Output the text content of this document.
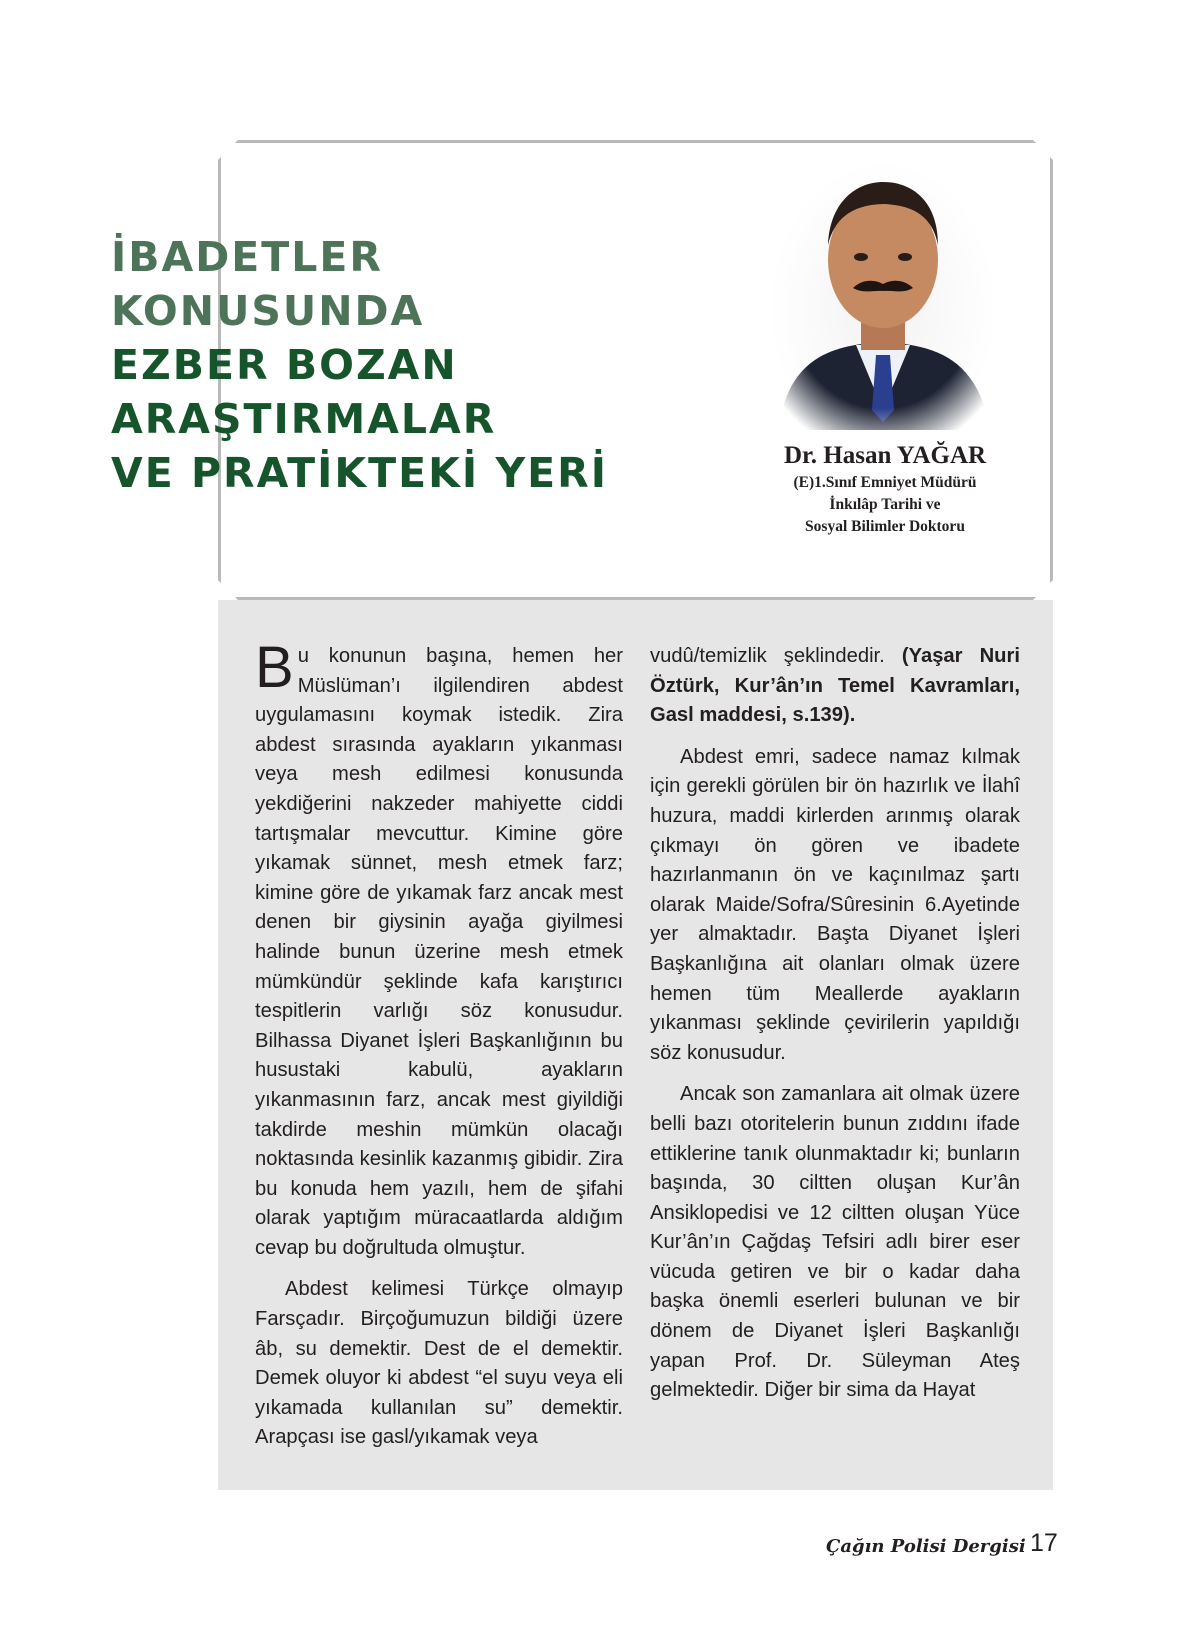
İBADETLER
KONUSUNDA
EZBER BOZAN
ARAŞTIRMALAR
VE PRATİKTEKİ YERİ	Dr. Hasan YAĞAR
(E)1.Sınıf Emniyet Müdürü
İnkılâp Tarihi ve
Sosyal Bilimler Doktoru

Bu konunun başına, hemen her Müslüman’ı ilgilendiren abdest uygulamasını koymak istedik. Zira abdest sırasında ayakların yıkanması veya mesh edilmesi konusunda yekdiğerini nakzeder mahiyette ciddi tartışmalar mevcuttur. Kimine göre yıkamak sünnet, mesh etmek farz; kimine göre de yıkamak farz ancak mest denen bir giysinin ayağa giyilmesi halinde bunun üzerine mesh etmek mümkündür şeklinde kafa karıştırıcı tespitlerin varlığı söz konusudur. Bilhassa Diyanet İşleri Başkanlığının bu husustaki kabulü, ayakların yıkanmasının farz, ancak mest giyildiği takdirde meshin mümkün olacağı noktasında kesinlik kazanmış gibidir. Zira bu konuda hem yazılı, hem de şifahi olarak yaptığım müracaatlarda aldığım cevap bu doğrultuda olmuştur.

Abdest kelimesi Türkçe olmayıp Farsçadır. Birçoğumuzun bildiği üzere âb, su demektir. Dest de el demektir. Demek oluyor ki abdest “el suyu veya eli yıkamada kullanılan su” demektir. Arapçası ise gasl/yıkamak veya

vudû/temizlik şeklindedir. (Yaşar Nuri Öztürk, Kur’ân’ın Temel Kavramları, Gasl maddesi, s.139).

Abdest emri, sadece namaz kılmak için gerekli görülen bir ön hazırlık ve İlahî huzura, maddi kirlerden arınmış olarak çıkmayı ön gören ve ibadete hazırlanmanın ön ve kaçınılmaz şartı olarak Maide/Sofra/Sûresinin 6.Ayetinde yer almaktadır. Başta Diyanet İşleri Başkanlığına ait olanları olmak üzere hemen tüm Meallerde ayakların yıkanması şeklinde çevirilerin yapıldığı söz konusudur.

Ancak son zamanlara ait olmak üzere belli bazı otoritelerin bunun zıddını ifade ettiklerine tanık olunmaktadır ki; bunların başında, 30 ciltten oluşan Kur’ân Ansiklopedisi ve 12 ciltten oluşan Yüce Kur’ân’ın Çağdaş Tefsiri adlı birer eser vücuda getiren ve bir o kadar daha başka önemli eserleri bulunan ve bir dönem de Diyanet İşleri Başkanlığı yapan Prof. Dr. Süleyman Ateş gelmektedir. Diğer bir sima da Hayat

Çağın Polisi Dergisi 17
